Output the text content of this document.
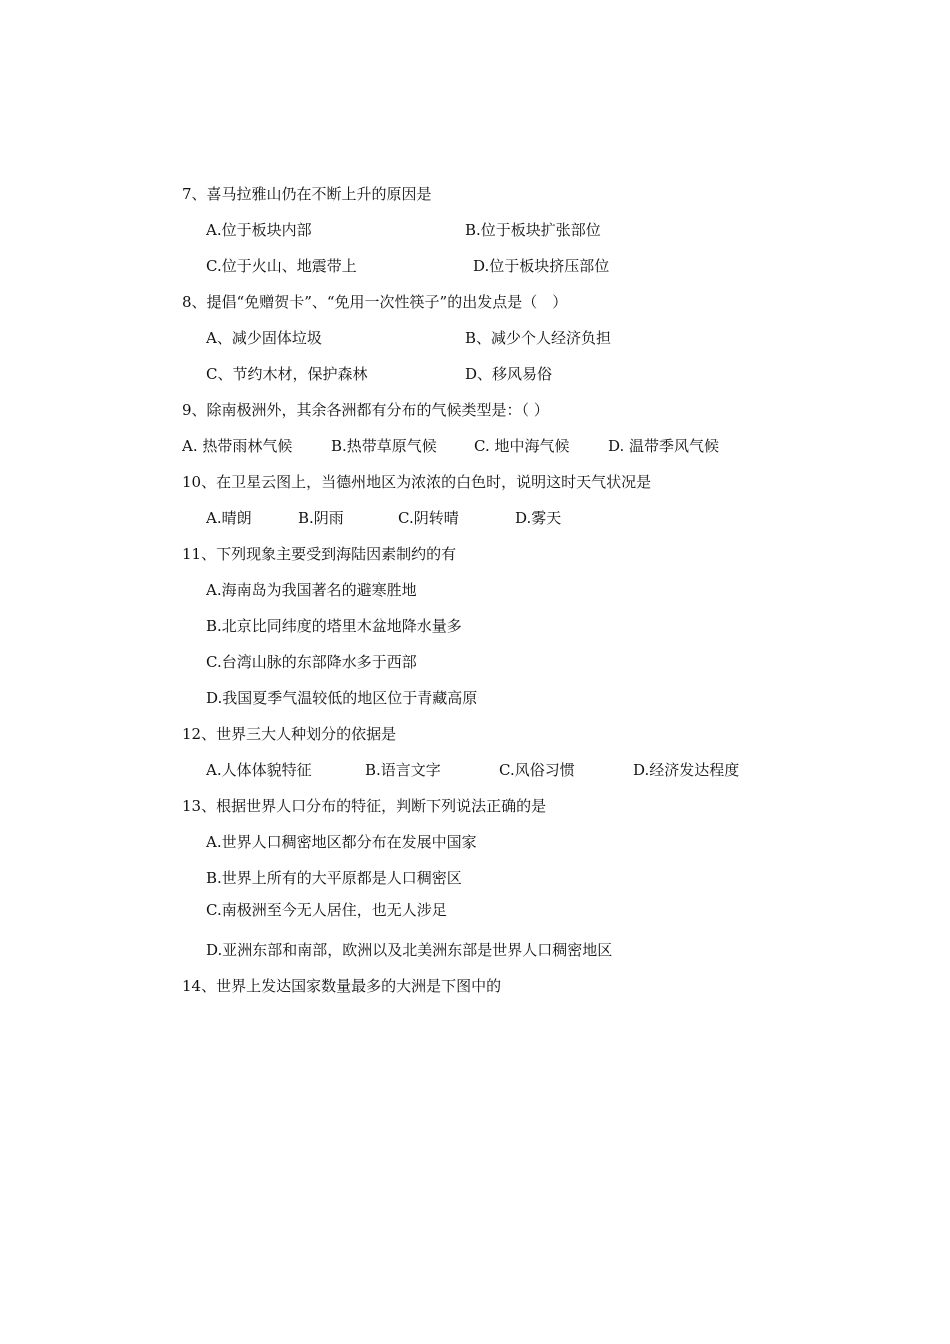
7、喜马拉雅山仍在不断上升的原因是
A.位于板块内部	B.位于板块扩张部位
C.位于火山、地震带上	D.位于板块挤压部位
8、提倡“免赠贺卡”、“免用一次性筷子”的出发点是（　）
A、减少固体垃圾	B、减少个人经济负担
C、节约木材，保护森林	D、移风易俗
9、除南极洲外，其余各洲都有分布的气候类型是：（ ）
A. 热带雨林气候	B.热带草原气候 C. 地中海气候	D. 温带季风气候
10、在卫星云图上，当德州地区为浓浓的白色时，说明这时天气状况是
A.晴朗	B.阴雨	C.阴转晴	D.雾天
11、下列现象主要受到海陆因素制约的有
A.海南岛为我国著名的避寒胜地
B.北京比同纬度的塔里木盆地降水量多
C.台湾山脉的东部降水多于西部
D.我国夏季气温较低的地区位于青藏高原
12、世界三大人种划分的依据是
A.人体体貌特征	B.语言文字	C.风俗习惯	D.经济发达程度
13、根据世界人口分布的特征，判断下列说法正确的是
A.世界人口稠密地区都分布在发展中国家
B.世界上所有的大平原都是人口稠密区
C.南极洲至今无人居住，也无人涉足
D.亚洲东部和南部，欧洲以及北美洲东部是世界人口稠密地区
14、世界上发达国家数量最多的大洲是下图中的
